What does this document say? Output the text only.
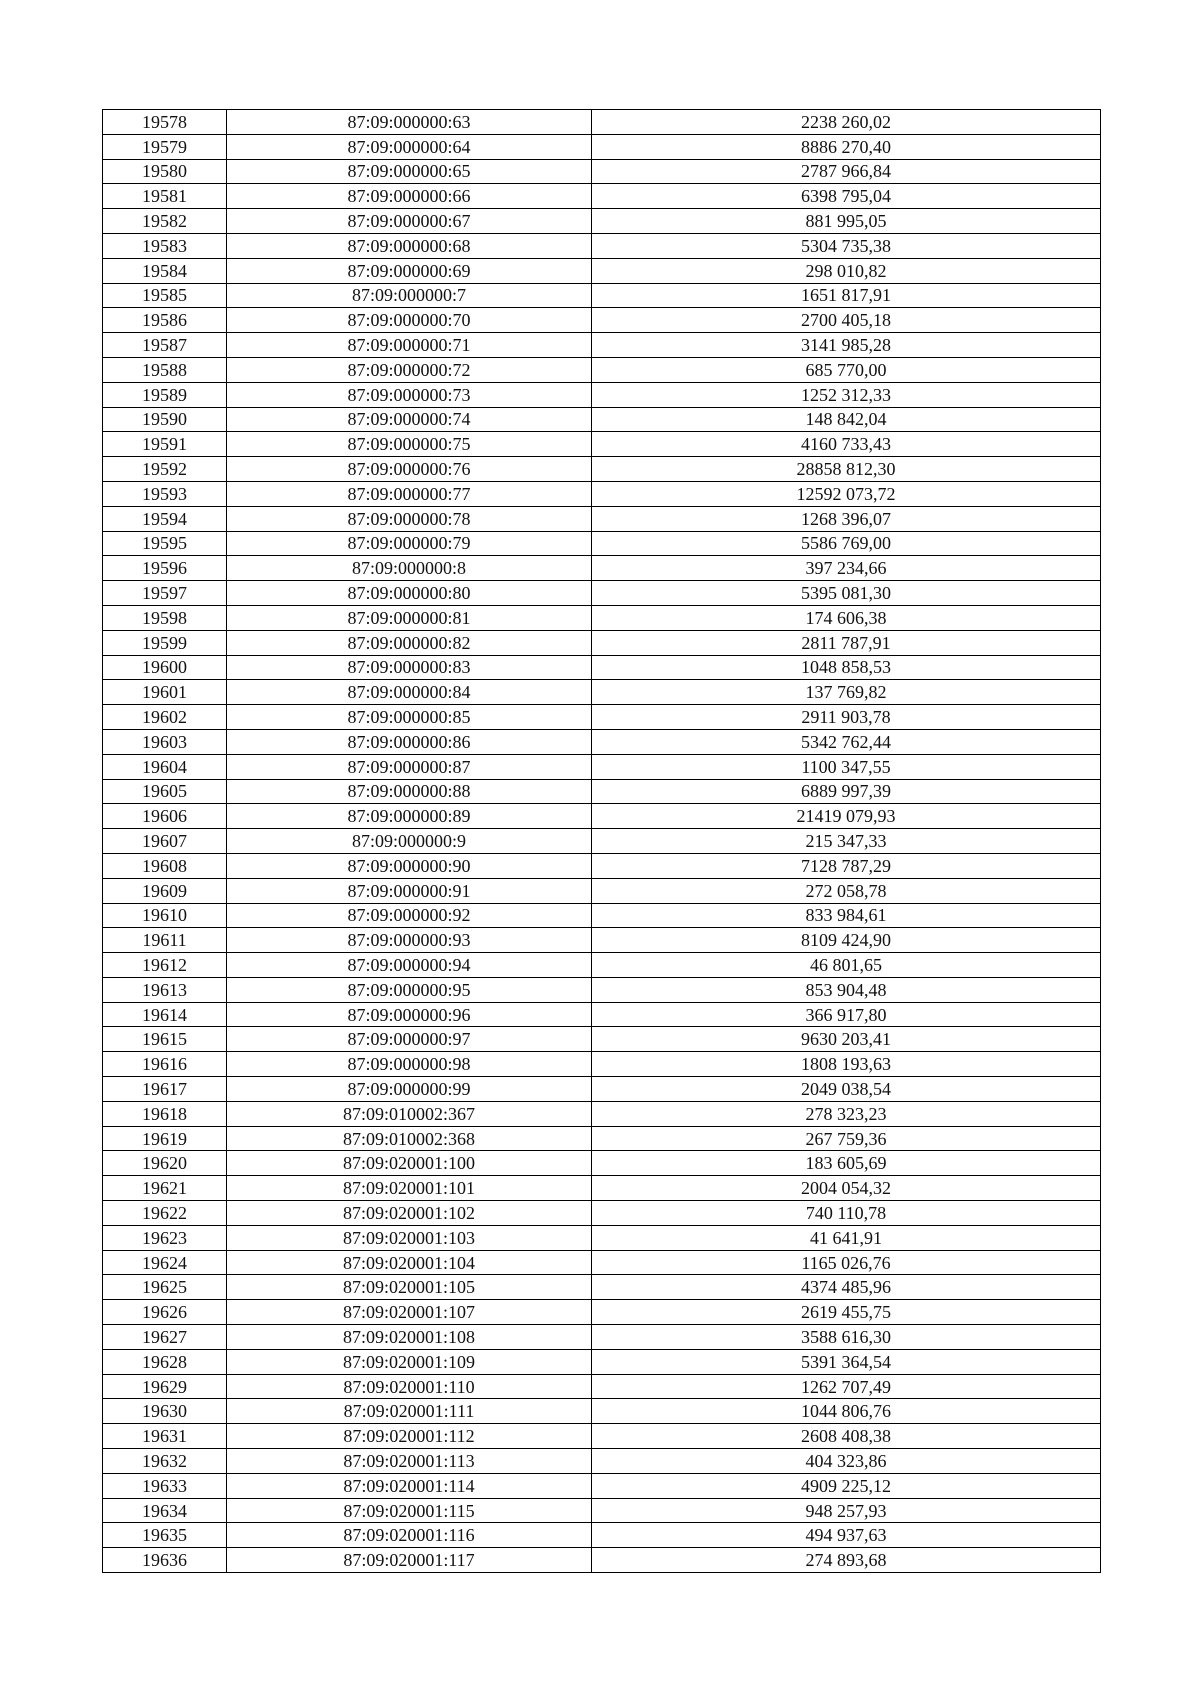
19578	87:09:000000:63	2238 260,02
19579	87:09:000000:64	8886 270,40
19580	87:09:000000:65	2787 966,84
19581	87:09:000000:66	6398 795,04
19582	87:09:000000:67	881 995,05
19583	87:09:000000:68	5304 735,38
19584	87:09:000000:69	298 010,82
19585	87:09:000000:7	1651 817,91
19586	87:09:000000:70	2700 405,18
19587	87:09:000000:71	3141 985,28
19588	87:09:000000:72	685 770,00
19589	87:09:000000:73	1252 312,33
19590	87:09:000000:74	148 842,04
19591	87:09:000000:75	4160 733,43
19592	87:09:000000:76	28858 812,30
19593	87:09:000000:77	12592 073,72
19594	87:09:000000:78	1268 396,07
19595	87:09:000000:79	5586 769,00
19596	87:09:000000:8	397 234,66
19597	87:09:000000:80	5395 081,30
19598	87:09:000000:81	174 606,38
19599	87:09:000000:82	2811 787,91
19600	87:09:000000:83	1048 858,53
19601	87:09:000000:84	137 769,82
19602	87:09:000000:85	2911 903,78
19603	87:09:000000:86	5342 762,44
19604	87:09:000000:87	1100 347,55
19605	87:09:000000:88	6889 997,39
19606	87:09:000000:89	21419 079,93
19607	87:09:000000:9	215 347,33
19608	87:09:000000:90	7128 787,29
19609	87:09:000000:91	272 058,78
19610	87:09:000000:92	833 984,61
19611	87:09:000000:93	8109 424,90
19612	87:09:000000:94	46 801,65
19613	87:09:000000:95	853 904,48
19614	87:09:000000:96	366 917,80
19615	87:09:000000:97	9630 203,41
19616	87:09:000000:98	1808 193,63
19617	87:09:000000:99	2049 038,54
19618	87:09:010002:367	278 323,23
19619	87:09:010002:368	267 759,36
19620	87:09:020001:100	183 605,69
19621	87:09:020001:101	2004 054,32
19622	87:09:020001:102	740 110,78
19623	87:09:020001:103	41 641,91
19624	87:09:020001:104	1165 026,76
19625	87:09:020001:105	4374 485,96
19626	87:09:020001:107	2619 455,75
19627	87:09:020001:108	3588 616,30
19628	87:09:020001:109	5391 364,54
19629	87:09:020001:110	1262 707,49
19630	87:09:020001:111	1044 806,76
19631	87:09:020001:112	2608 408,38
19632	87:09:020001:113	404 323,86
19633	87:09:020001:114	4909 225,12
19634	87:09:020001:115	948 257,93
19635	87:09:020001:116	494 937,63
19636	87:09:020001:117	274 893,68
